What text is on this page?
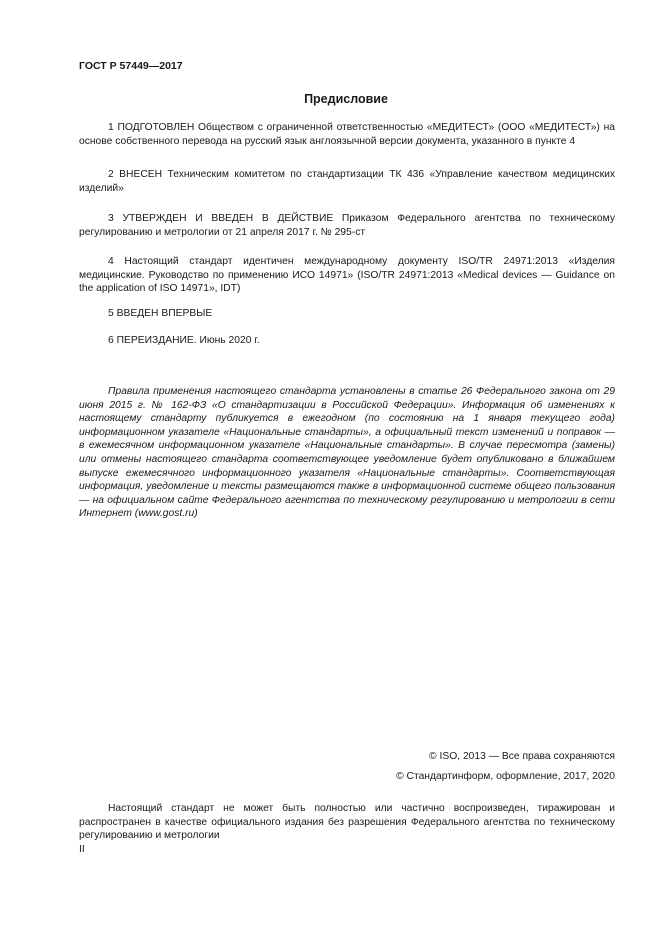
ГОСТ Р 57449—2017
Предисловие
1 ПОДГОТОВЛЕН Обществом с ограниченной ответственностью «МЕДИТЕСТ» (ООО «МЕДИТЕСТ») на основе собственного перевода на русский язык англоязычной версии документа, указанного в пункте 4
2 ВНЕСЕН Техническим комитетом по стандартизации ТК 436 «Управление качеством медицинских изделий»
3 УТВЕРЖДЕН И ВВЕДЕН В ДЕЙСТВИЕ Приказом Федерального агентства по техническому регулированию и метрологии от 21 апреля 2017 г. № 295-ст
4 Настоящий стандарт идентичен международному документу ISO/TR 24971:2013 «Изделия медицинские. Руководство по применению ИСО 14971» (ISO/TR 24971:2013 «Medical devices — Guidance on the application of ISO 14971», IDT)
5 ВВЕДЕН ВПЕРВЫЕ
6 ПЕРЕИЗДАНИЕ. Июнь 2020 г.
Правила применения настоящего стандарта установлены в статье 26 Федерального закона от 29 июня 2015 г. № 162-ФЗ «О стандартизации в Российской Федерации». Информация об изменениях к настоящему стандарту публикуется в ежегодном (по состоянию на 1 января текущего года) информационном указателе «Национальные стандарты», а официальный текст изменений и поправок — в ежемесячном информационном указателе «Национальные стандарты». В случае пересмотра (замены) или отмены настоящего стандарта соответствующее уведомление будет опубликовано в ближайшем выпуске ежемесячного информационного указателя «Национальные стандарты». Соответствующая информация, уведомление и тексты размещаются также в информационной системе общего пользования — на официальном сайте Федерального агентства по техническому регулированию и метрологии в сети Интернет (www.gost.ru)
© ISO, 2013 — Все права сохраняются
© Стандартинформ, оформление, 2017, 2020
Настоящий стандарт не может быть полностью или частично воспроизведен, тиражирован и распространен в качестве официального издания без разрешения Федерального агентства по техническому регулированию и метрологии
II
